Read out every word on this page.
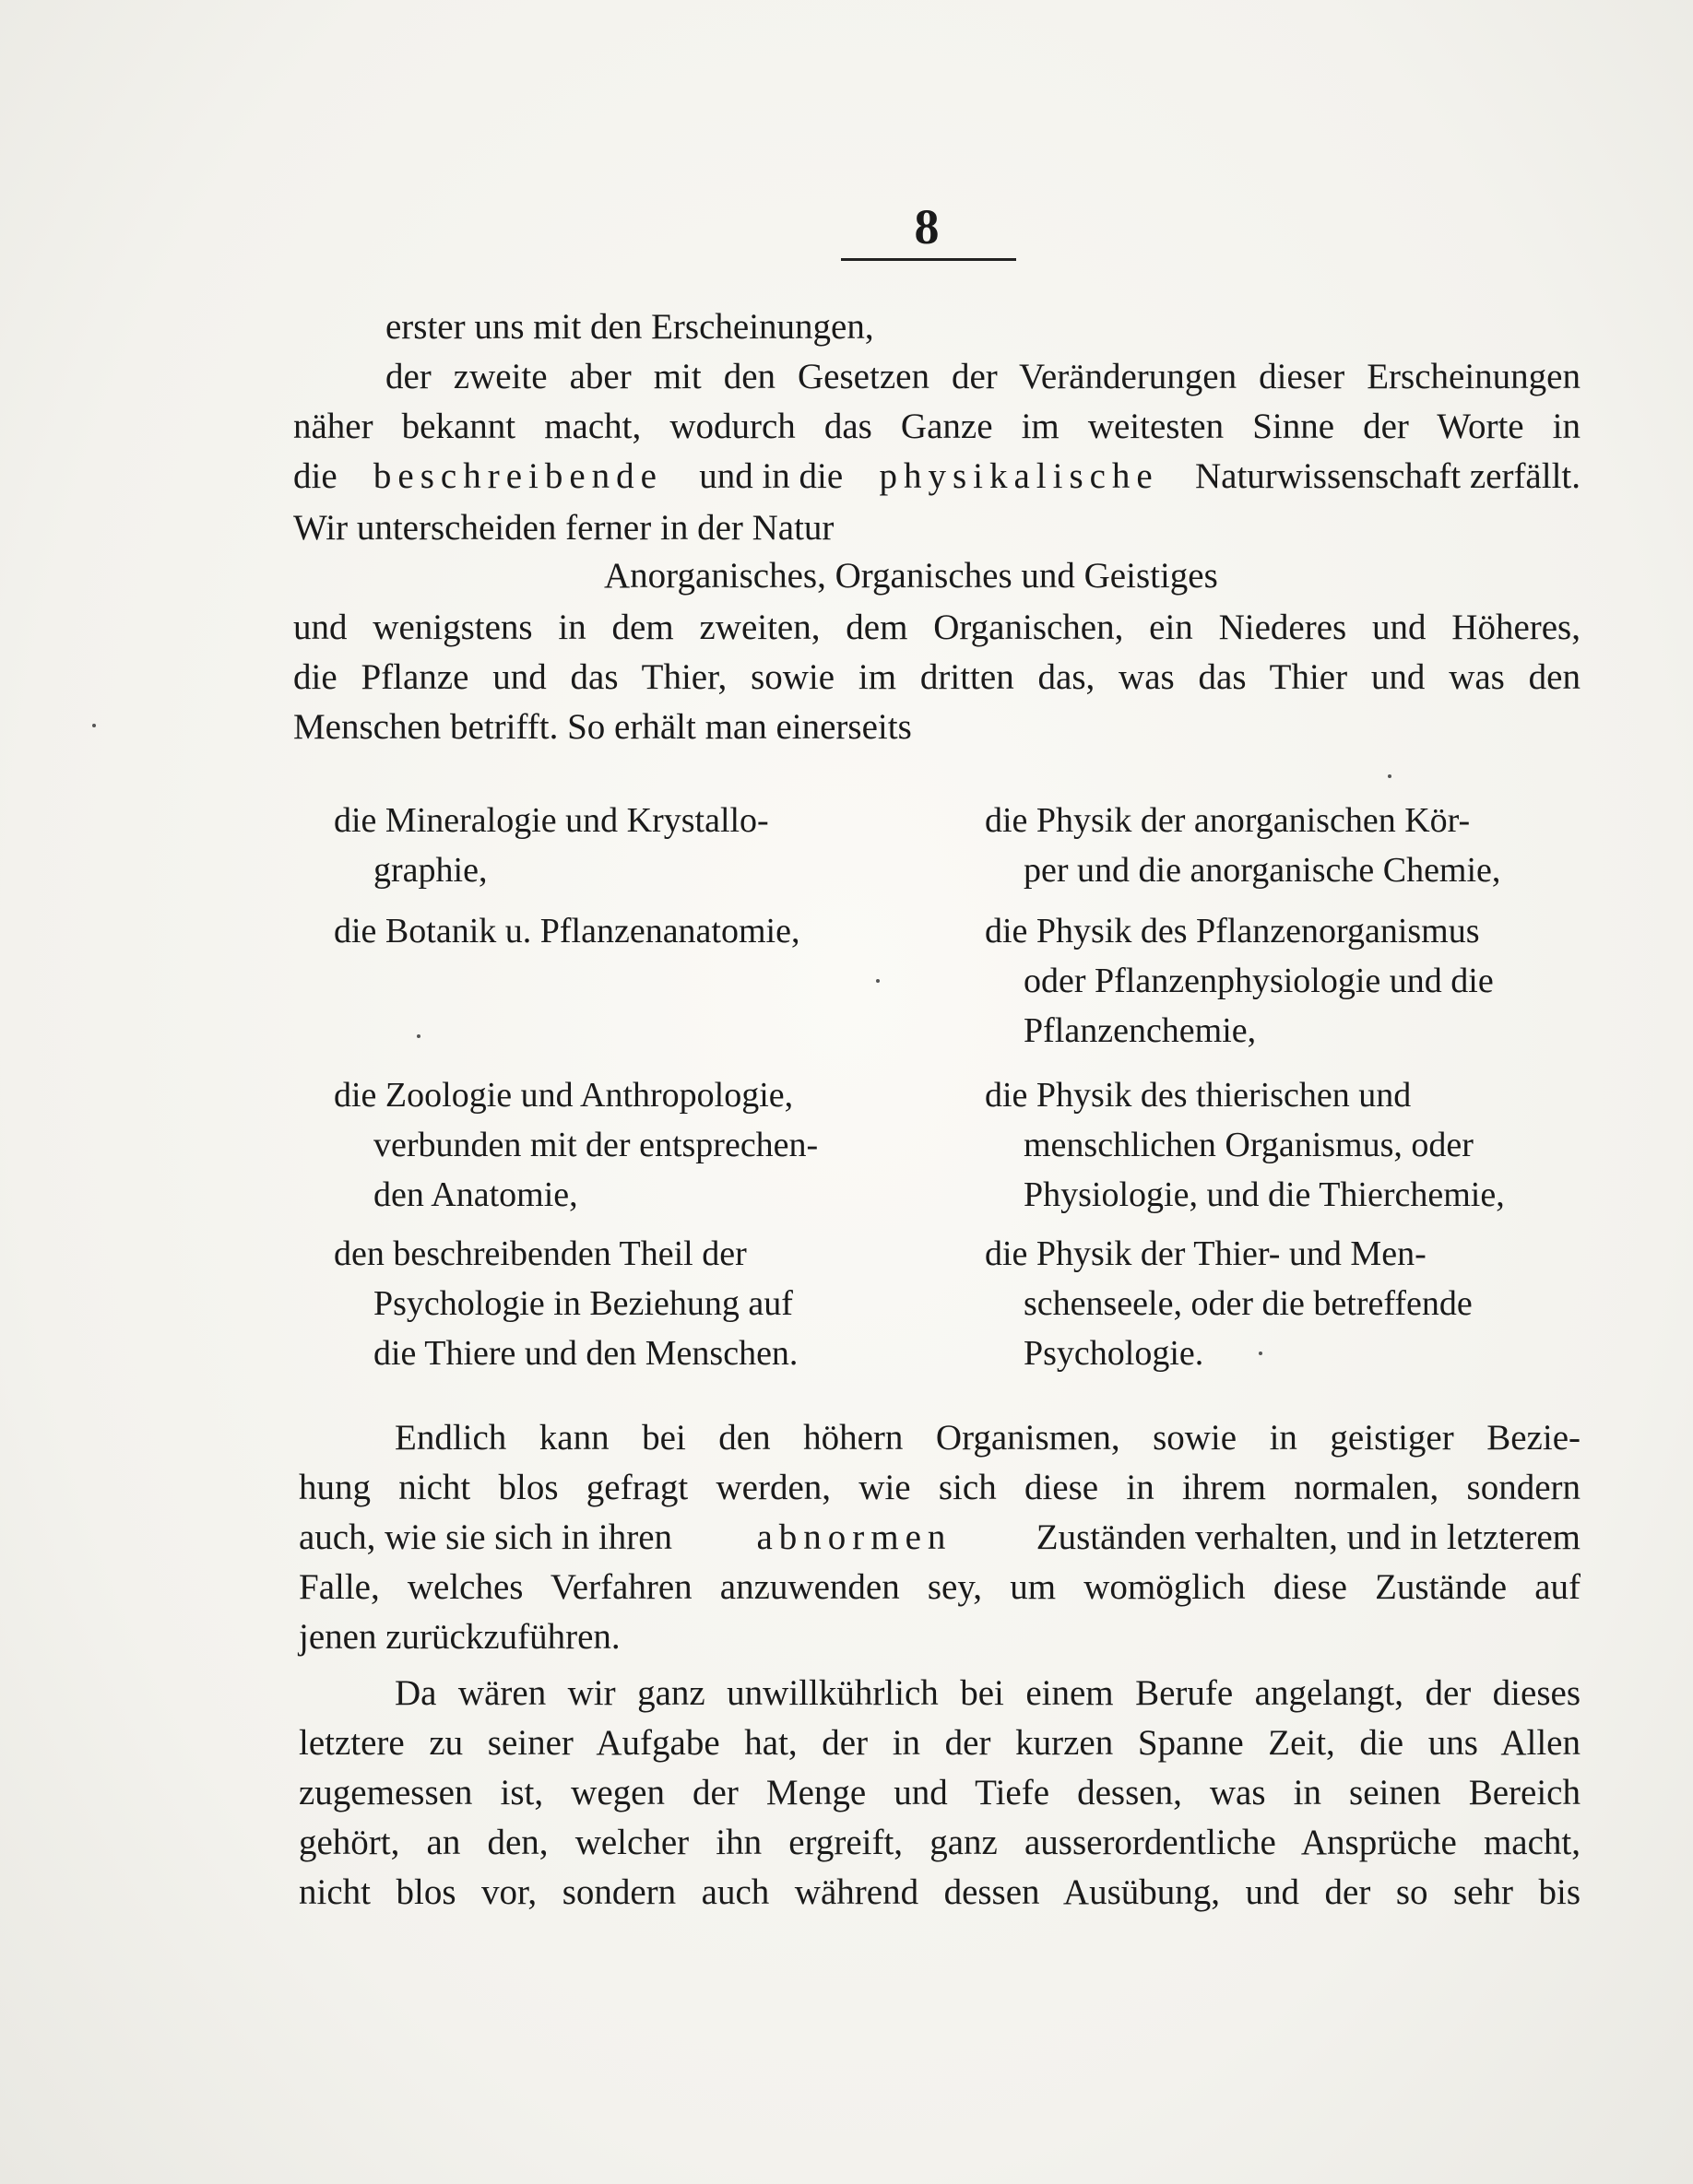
8
erster uns mit den Erscheinungen,
der zweite aber mit den Gesetzen der Veränderungen dieser Erscheinungen
näher bekannt macht, wodurch das Ganze im weitesten Sinne der Worte in
die beschreibende und in die physikalische Naturwissenschaft zerfällt.
Wir unterscheiden ferner in der Natur
Anorganisches, Organisches und Geistiges
und wenigstens in dem zweiten, dem Organischen, ein Niederes und Höheres,
die Pflanze und das Thier, sowie im dritten das, was das Thier und was den
Menschen betrifft. So erhält man einerseits
die Mineralogie und Krystallo-
graphie,
die Botanik u. Pflanzenanatomie,
die Zoologie und Anthropologie,
verbunden mit der entsprechen-
den Anatomie,
den beschreibenden Theil der
Psychologie in Beziehung auf
die Thiere und den Menschen.
die Physik der anorganischen Kör-
per und die anorganische Chemie,
die Physik des Pflanzenorganismus
oder Pflanzenphysiologie und die
Pflanzenchemie,
die Physik des thierischen und
menschlichen Organismus, oder
Physiologie, und die Thierchemie,
die Physik der Thier- und Men-
schenseele, oder die betreffende
Psychologie.
Endlich kann bei den höhern Organismen, sowie in geistiger Bezie-
hung nicht blos gefragt werden, wie sich diese in ihrem normalen, sondern
auch, wie sie sich in ihren abnormen Zuständen verhalten, und in letzterem
Falle, welches Verfahren anzuwenden sey, um womöglich diese Zustände auf
jenen zurückzuführen.
Da wären wir ganz unwillkührlich bei einem Berufe angelangt, der dieses
letztere zu seiner Aufgabe hat, der in der kurzen Spanne Zeit, die uns Allen
zugemessen ist, wegen der Menge und Tiefe dessen, was in seinen Bereich
gehört, an den, welcher ihn ergreift, ganz ausserordentliche Ansprüche macht,
nicht blos vor, sondern auch während dessen Ausübung, und der so sehr bis
